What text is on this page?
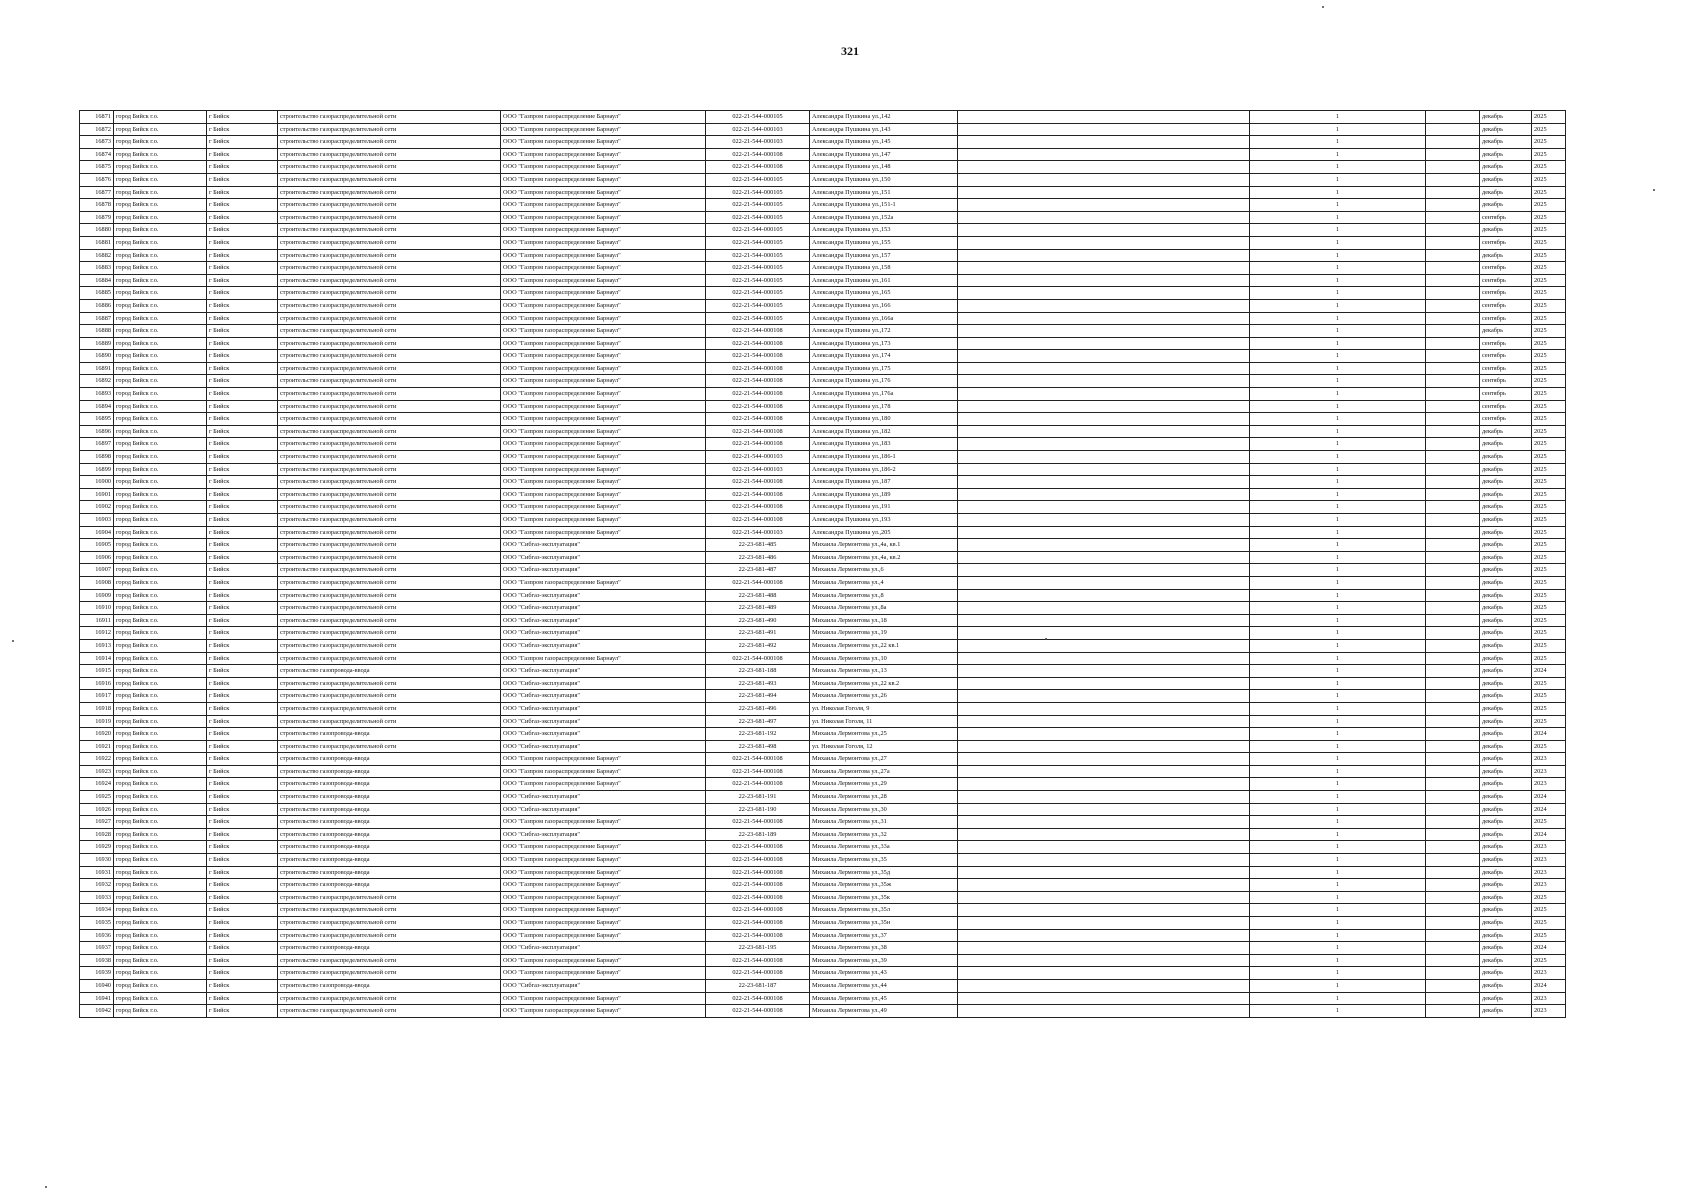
321
16871	город Бийск г.о.	г Бийск	строительство газораспределительной сети	ООО "Газпром газораспределение Барнаул"	022-21-544-000105	Александра Пушкина ул.,142		1		декабрь	2025
16872	город Бийск г.о.	г Бийск	строительство газораспределительной сети	ООО "Газпром газораспределение Барнаул"	022-21-544-000103	Александра Пушкина ул.,143		1		декабрь	2025
16873	город Бийск г.о.	г Бийск	строительство газораспределительной сети	ООО "Газпром газораспределение Барнаул"	022-21-544-000103	Александра Пушкина ул.,145		1		декабрь	2025
16874	город Бийск г.о.	г Бийск	строительство газораспределительной сети	ООО "Газпром газораспределение Барнаул"	022-21-544-000108	Александра Пушкина ул.,147		1		декабрь	2025
16875	город Бийск г.о.	г Бийск	строительство газораспределительной сети	ООО "Газпром газораспределение Барнаул"	022-21-544-000108	Александра Пушкина ул.,148		1		декабрь	2025
16876	город Бийск г.о.	г Бийск	строительство газораспределительной сети	ООО "Газпром газораспределение Барнаул"	022-21-544-000105	Александра Пушкина ул.,150		1		декабрь	2025
16877	город Бийск г.о.	г Бийск	строительство газораспределительной сети	ООО "Газпром газораспределение Барнаул"	022-21-544-000105	Александра Пушкина ул.,151		1		декабрь	2025
16878	город Бийск г.о.	г Бийск	строительство газораспределительной сети	ООО "Газпром газораспределение Барнаул"	022-21-544-000105	Александра Пушкина ул.,151-1		1		декабрь	2025
16879	город Бийск г.о.	г Бийск	строительство газораспределительной сети	ООО "Газпром газораспределение Барнаул"	022-21-544-000105	Александра Пушкина ул.,152а		1		сентябрь	2025
16880	город Бийск г.о.	г Бийск	строительство газораспределительной сети	ООО "Газпром газораспределение Барнаул"	022-21-544-000105	Александра Пушкина ул.,153		1		декабрь	2025
16881	город Бийск г.о.	г Бийск	строительство газораспределительной сети	ООО "Газпром газораспределение Барнаул"	022-21-544-000105	Александра Пушкина ул.,155		1		сентябрь	2025
16882	город Бийск г.о.	г Бийск	строительство газораспределительной сети	ООО "Газпром газораспределение Барнаул"	022-21-544-000105	Александра Пушкина ул.,157		1		декабрь	2025
16883	город Бийск г.о.	г Бийск	строительство газораспределительной сети	ООО "Газпром газораспределение Барнаул"	022-21-544-000105	Александра Пушкина ул.,158		1		сентябрь	2025
16884	город Бийск г.о.	г Бийск	строительство газораспределительной сети	ООО "Газпром газораспределение Барнаул"	022-21-544-000105	Александра Пушкина ул.,161		1		сентябрь	2025
16885	город Бийск г.о.	г Бийск	строительство газораспределительной сети	ООО "Газпром газораспределение Барнаул"	022-21-544-000105	Александра Пушкина ул.,165		1		сентябрь	2025
16886	город Бийск г.о.	г Бийск	строительство газораспределительной сети	ООО "Газпром газораспределение Барнаул"	022-21-544-000105	Александра Пушкина ул.,166		1		сентябрь	2025
16887	город Бийск г.о.	г Бийск	строительство газораспределительной сети	ООО "Газпром газораспределение Барнаул"	022-21-544-000105	Александра Пушкина ул.,166а		1		сентябрь	2025
16888	город Бийск г.о.	г Бийск	строительство газораспределительной сети	ООО "Газпром газораспределение Барнаул"	022-21-544-000108	Александра Пушкина ул.,172		1		декабрь	2025
16889	город Бийск г.о.	г Бийск	строительство газораспределительной сети	ООО "Газпром газораспределение Барнаул"	022-21-544-000108	Александра Пушкина ул.,173		1		сентябрь	2025
16890	город Бийск г.о.	г Бийск	строительство газораспределительной сети	ООО "Газпром газораспределение Барнаул"	022-21-544-000108	Александра Пушкина ул.,174		1		сентябрь	2025
16891	город Бийск г.о.	г Бийск	строительство газораспределительной сети	ООО "Газпром газораспределение Барнаул"	022-21-544-000108	Александра Пушкина ул.,175		1		сентябрь	2025
16892	город Бийск г.о.	г Бийск	строительство газораспределительной сети	ООО "Газпром газораспределение Барнаул"	022-21-544-000108	Александра Пушкина ул.,176		1		сентябрь	2025
16893	город Бийск г.о.	г Бийск	строительство газораспределительной сети	ООО "Газпром газораспределение Барнаул"	022-21-544-000108	Александра Пушкина ул.,176а		1		сентябрь	2025
16894	город Бийск г.о.	г Бийск	строительство газораспределительной сети	ООО "Газпром газораспределение Барнаул"	022-21-544-000108	Александра Пушкина ул.,178		1		сентябрь	2025
16895	город Бийск г.о.	г Бийск	строительство газораспределительной сети	ООО "Газпром газораспределение Барнаул"	022-21-544-000108	Александра Пушкина ул.,180		1		сентябрь	2025
16896	город Бийск г.о.	г Бийск	строительство газораспределительной сети	ООО "Газпром газораспределение Барнаул"	022-21-544-000108	Александра Пушкина ул.,182		1		декабрь	2025
16897	город Бийск г.о.	г Бийск	строительство газораспределительной сети	ООО "Газпром газораспределение Барнаул"	022-21-544-000108	Александра Пушкина ул.,183		1		декабрь	2025
16898	город Бийск г.о.	г Бийск	строительство газораспределительной сети	ООО "Газпром газораспределение Барнаул"	022-21-544-000103	Александра Пушкина ул.,186-1		1		декабрь	2025
16899	город Бийск г.о.	г Бийск	строительство газораспределительной сети	ООО "Газпром газораспределение Барнаул"	022-21-544-000103	Александра Пушкина ул.,186-2		1		декабрь	2025
16900	город Бийск г.о.	г Бийск	строительство газораспределительной сети	ООО "Газпром газораспределение Барнаул"	022-21-544-000108	Александра Пушкина ул.,187		1		декабрь	2025
16901	город Бийск г.о.	г Бийск	строительство газораспределительной сети	ООО "Газпром газораспределение Барнаул"	022-21-544-000108	Александра Пушкина ул.,189		1		декабрь	2025
16902	город Бийск г.о.	г Бийск	строительство газораспределительной сети	ООО "Газпром газораспределение Барнаул"	022-21-544-000108	Александра Пушкина ул.,191		1		декабрь	2025
16903	город Бийск г.о.	г Бийск	строительство газораспределительной сети	ООО "Газпром газораспределение Барнаул"	022-21-544-000108	Александра Пушкина ул.,193		1		декабрь	2025
16904	город Бийск г.о.	г Бийск	строительство газораспределительной сети	ООО "Газпром газораспределение Барнаул"	022-21-544-000103	Александра Пушкина ул.,205		1		декабрь	2025
16905	город Бийск г.о.	г Бийск	строительство газораспределительной сети	ООО "Сибгаз-эксплуатация"	22-23-681-485	Михаила Лермонтова ул.,4а, кв.1		1		декабрь	2025
16906	город Бийск г.о.	г Бийск	строительство газораспределительной сети	ООО "Сибгаз-эксплуатация"	22-23-681-486	Михаила Лермонтова ул.,4а, кв.2		1		декабрь	2025
16907	город Бийск г.о.	г Бийск	строительство газораспределительной сети	ООО "Сибгаз-эксплуатация"	22-23-681-487	Михаила Лермонтова ул.,6		1		декабрь	2025
16908	город Бийск г.о.	г Бийск	строительство газораспределительной сети	ООО "Газпром газораспределение Барнаул"	022-21-544-000108	Михаила Лермонтова ул.,4		1		декабрь	2025
16909	город Бийск г.о.	г Бийск	строительство газораспределительной сети	ООО "Сибгаз-эксплуатация"	22-23-681-488	Михаила Лермонтова ул.,8		1		декабрь	2025
16910	город Бийск г.о.	г Бийск	строительство газораспределительной сети	ООО "Сибгаз-эксплуатация"	22-23-681-489	Михаила Лермонтова ул.,8а		1		декабрь	2025
16911	город Бийск г.о.	г Бийск	строительство газораспределительной сети	ООО "Сибгаз-эксплуатация"	22-23-681-490	Михаила Лермонтова ул.,18		1		декабрь	2025
16912	город Бийск г.о.	г Бийск	строительство газораспределительной сети	ООО "Сибгаз-эксплуатация"	22-23-681-491	Михаила Лермонтова ул.,19		1		декабрь	2025
16913	город Бийск г.о.	г Бийск	строительство газораспределительной сети	ООО "Сибгаз-эксплуатация"	22-23-681-492	Михаила Лермонтова ул.,22 кв.1		1		декабрь	2025
16914	город Бийск г.о.	г Бийск	строительство газораспределительной сети	ООО "Газпром газораспределение Барнаул"	022-21-544-000108	Михаила Лермонтова ул.,10		1		декабрь	2025
16915	город Бийск г.о.	г Бийск	строительство газопровода-ввода	ООО "Сибгаз-эксплуатация"	22-23-681-188	Михаила Лермонтова ул.,13		1		декабрь	2024
16916	город Бийск г.о.	г Бийск	строительство газораспределительной сети	ООО "Сибгаз-эксплуатация"	22-23-681-493	Михаила Лермонтова ул.,22 кв.2		1		декабрь	2025
16917	город Бийск г.о.	г Бийск	строительство газораспределительной сети	ООО "Сибгаз-эксплуатация"	22-23-681-494	Михаила Лермонтова ул.,26		1		декабрь	2025
16918	город Бийск г.о.	г Бийск	строительство газораспределительной сети	ООО "Сибгаз-эксплуатация"	22-23-681-496	ул. Николая Гоголя, 9		1		декабрь	2025
16919	город Бийск г.о.	г Бийск	строительство газораспределительной сети	ООО "Сибгаз-эксплуатация"	22-23-681-497	ул. Николая Гоголя, 11		1		декабрь	2025
16920	город Бийск г.о.	г Бийск	строительство газопровода-ввода	ООО "Сибгаз-эксплуатация"	22-23-681-192	Михаила Лермонтова ул.,25		1		декабрь	2024
16921	город Бийск г.о.	г Бийск	строительство газораспределительной сети	ООО "Сибгаз-эксплуатация"	22-23-681-498	ул. Николая Гоголя, 12		1		декабрь	2025
16922	город Бийск г.о.	г Бийск	строительство газопровода-ввода	ООО "Газпром газораспределение Барнаул"	022-21-544-000108	Михаила Лермонтова ул.,27		1		декабрь	2023
16923	город Бийск г.о.	г Бийск	строительство газопровода-ввода	ООО "Газпром газораспределение Барнаул"	022-21-544-000108	Михаила Лермонтова ул.,27а		1		декабрь	2023
16924	город Бийск г.о.	г Бийск	строительство газопровода-ввода	ООО "Газпром газораспределение Барнаул"	022-21-544-000108	Михаила Лермонтова ул.,29		1		декабрь	2023
16925	город Бийск г.о.	г Бийск	строительство газопровода-ввода	ООО "Сибгаз-эксплуатация"	22-23-681-191	Михаила Лермонтова ул.,28		1		декабрь	2024
16926	город Бийск г.о.	г Бийск	строительство газопровода-ввода	ООО "Сибгаз-эксплуатация"	22-23-681-190	Михаила Лермонтова ул.,30		1		декабрь	2024
16927	город Бийск г.о.	г Бийск	строительство газопровода-ввода	ООО "Газпром газораспределение Барнаул"	022-21-544-000108	Михаила Лермонтова ул.,31		1		декабрь	2025
16928	город Бийск г.о.	г Бийск	строительство газопровода-ввода	ООО "Сибгаз-эксплуатация"	22-23-681-189	Михаила Лермонтова ул.,32		1		декабрь	2024
16929	город Бийск г.о.	г Бийск	строительство газопровода-ввода	ООО "Газпром газораспределение Барнаул"	022-21-544-000108	Михаила Лермонтова ул.,33а		1		декабрь	2023
16930	город Бийск г.о.	г Бийск	строительство газопровода-ввода	ООО "Газпром газораспределение Барнаул"	022-21-544-000108	Михаила Лермонтова ул.,35		1		декабрь	2023
16931	город Бийск г.о.	г Бийск	строительство газопровода-ввода	ООО "Газпром газораспределение Барнаул"	022-21-544-000108	Михаила Лермонтова ул.,35д		1		декабрь	2023
16932	город Бийск г.о.	г Бийск	строительство газопровода-ввода	ООО "Газпром газораспределение Барнаул"	022-21-544-000108	Михаила Лермонтова ул.,35ж		1		декабрь	2023
16933	город Бийск г.о.	г Бийск	строительство газораспределительной сети	ООО "Газпром газораспределение Барнаул"	022-21-544-000108	Михаила Лермонтова ул.,35к		1		декабрь	2025
16934	город Бийск г.о.	г Бийск	строительство газораспределительной сети	ООО "Газпром газораспределение Барнаул"	022-21-544-000108	Михаила Лермонтова ул.,35л		1		декабрь	2025
16935	город Бийск г.о.	г Бийск	строительство газораспределительной сети	ООО "Газпром газораспределение Барнаул"	022-21-544-000108	Михаила Лермонтова ул.,35н		1		декабрь	2025
16936	город Бийск г.о.	г Бийск	строительство газораспределительной сети	ООО "Газпром газораспределение Барнаул"	022-21-544-000108	Михаила Лермонтова ул.,37		1		декабрь	2025
16937	город Бийск г.о.	г Бийск	строительство газопровода-ввода	ООО "Сибгаз-эксплуатация"	22-23-681-195	Михаила Лермонтова ул.,38		1		декабрь	2024
16938	город Бийск г.о.	г Бийск	строительство газораспределительной сети	ООО "Газпром газораспределение Барнаул"	022-21-544-000108	Михаила Лермонтова ул.,39		1		декабрь	2025
16939	город Бийск г.о.	г Бийск	строительство газораспределительной сети	ООО "Газпром газораспределение Барнаул"	022-21-544-000108	Михаила Лермонтова ул.,43		1		декабрь	2023
16940	город Бийск г.о.	г Бийск	строительство газопровода-ввода	ООО "Сибгаз-эксплуатация"	22-23-681-187	Михаила Лермонтова ул.,44		1		декабрь	2024
16941	город Бийск г.о.	г Бийск	строительство газораспределительной сети	ООО "Газпром газораспределение Барнаул"	022-21-544-000108	Михаила Лермонтова ул.,45		1		декабрь	2023
16942	город Бийск г.о.	г Бийск	строительство газораспределительной сети	ООО "Газпром газораспределение Барнаул"	022-21-544-000108	Михаила Лермонтова ул.,49		1		декабрь	2023
